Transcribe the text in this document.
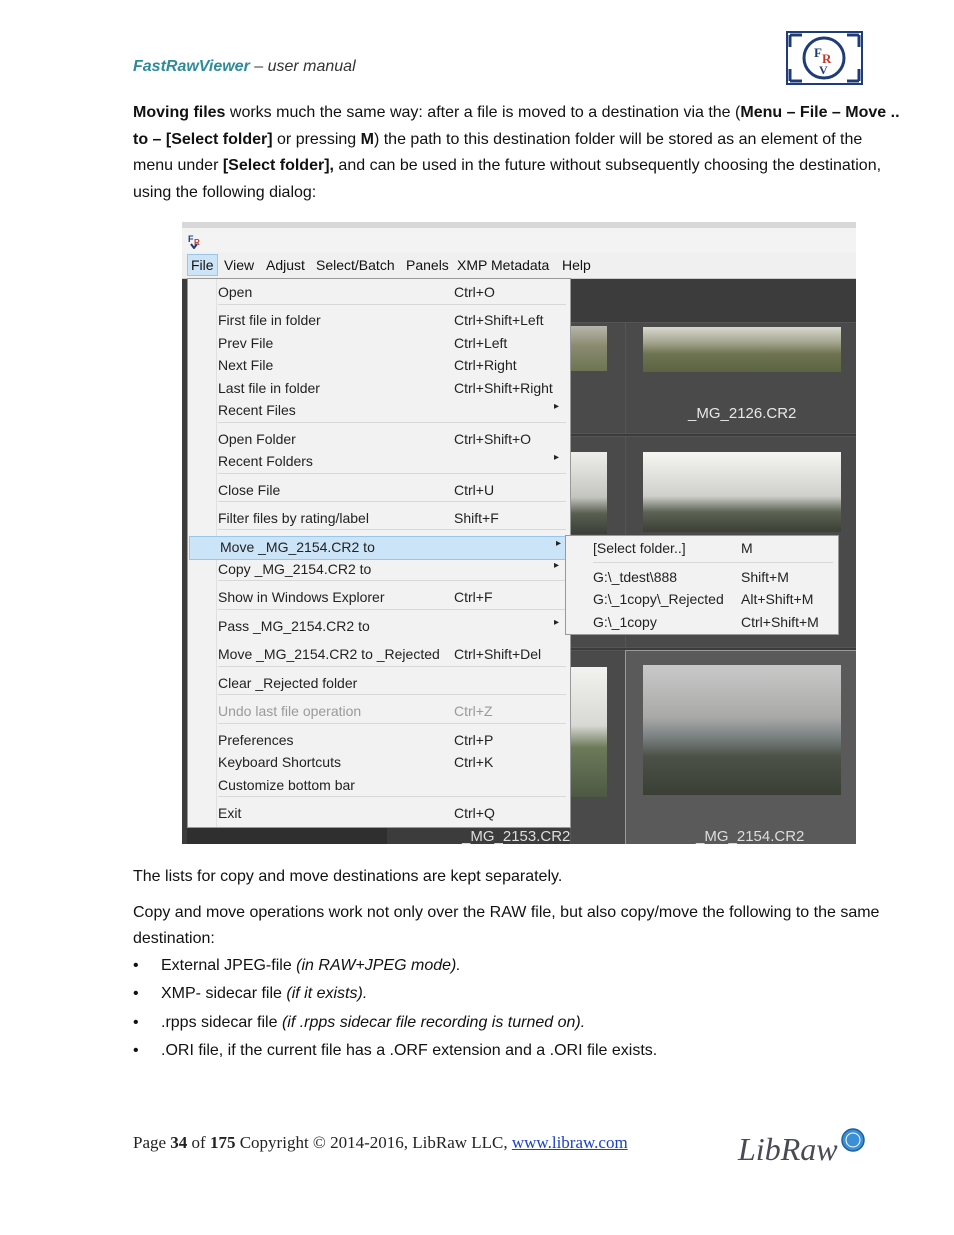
FastRawViewer – user manual
F R
V
Moving files works much the same way: after a file is moved to a destination via the (Menu – File – Move .. to – [Select folder] or pressing M) the path to this destination folder will be stored as an element of the menu under [Select folder], and can be used in the future without subsequently choosing the destination, using the following dialog:
F R
File View Adjust Select/Batch Panels XMP Metadata Help
_MG_2126.CR2
_MG_2153.CR2	_MG_2154.CR2
Open	Ctrl+O
First file in folder	Ctrl+Shift+Left
Prev File	Ctrl+Left
Next File	Ctrl+Right
Last file in folder	Ctrl+Shift+Right
Recent Files	▸
Open Folder	Ctrl+Shift+O
Recent Folders	▸
Close File	Ctrl+U
Filter files by rating/label	Shift+F
Move _MG_2154.CR2 to	▸
Copy _MG_2154.CR2 to	▸
Show in Windows Explorer	Ctrl+F
Pass _MG_2154.CR2 to	▸
Move _MG_2154.CR2 to _Rejected Ctrl+Shift+Del
Clear _Rejected folder
Undo last file operation	Ctrl+Z
Preferences	Ctrl+P
Keyboard Shortcuts	Ctrl+K
Customize bottom bar
Exit	Ctrl+Q
[Select folder..]	M
G:\_tdest\888	Shift+M
G:\_1copy\_Rejected Alt+Shift+M
G:\_1copy	Ctrl+Shift+M
The lists for copy and move destinations are kept separately.
Copy and move operations work not only over the RAW file, but also copy/move the following to the same destination:
• External JPEG-file (in RAW+JPEG mode).
• XMP- sidecar file (if it exists).
• .rpps sidecar file (if .rpps sidecar file recording is turned on).
• .ORI file, if the current file has a .ORF extension and a .ORI file exists.
Page 34 of 175 Copyright © 2014-2016, LibRaw LLC, www.libraw.com	LibRaw
